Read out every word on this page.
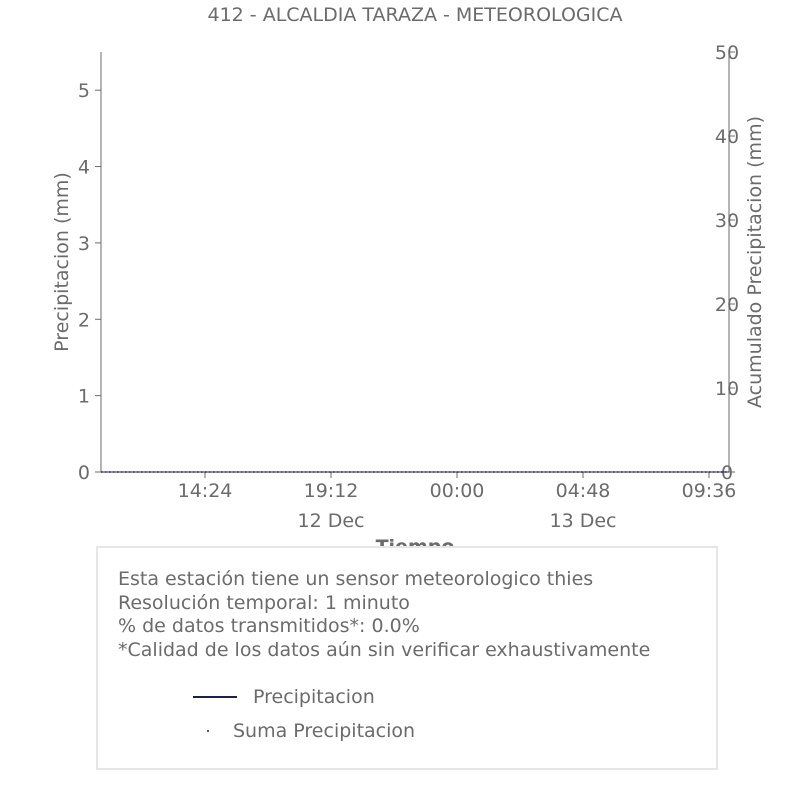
412 - ALCALDIA TARAZA - METEOROLOGICA
0
1
2
3
4
5
0
10
20
30
40
50
14:24	19:12
12 Dec
00:00	04:48
13 Dec
09:36
Precipitacion (mm)	Acumulado Precipitacion (mm)
Esta estación tiene un sensor meteorologico thies
Resolución temporal: 1 minuto
% de datos transmitidos*: 0.0%
*Calidad de los datos aún sin verificar exhaustivamente
Precipitacion
Suma Precipitacion
